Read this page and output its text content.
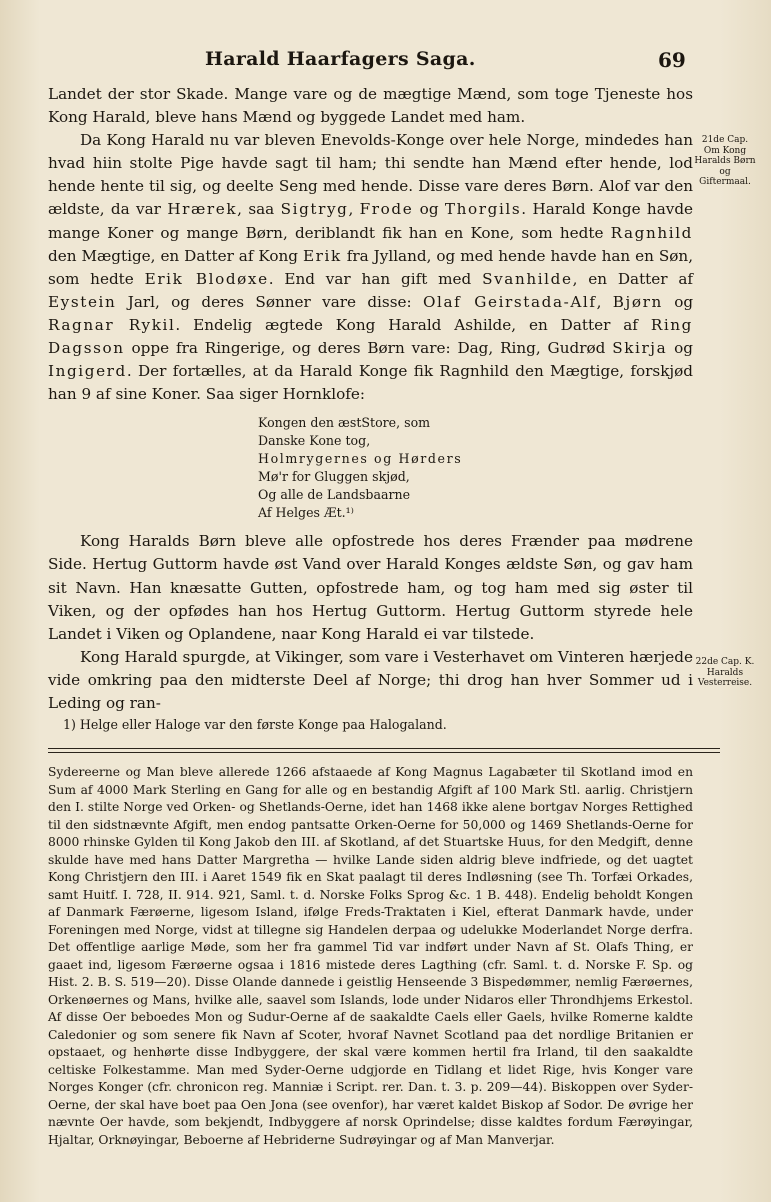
Harald Haarfagers Saga.	69
21de Cap. Om Kong Haralds Børn og Giftermaal.
22de Cap. K. Haralds Vesterreise.

Landet der stor Skade. Mange vare og de mægtige Mænd, som toge Tjeneste hos Kong Harald, bleve hans Mænd og byggede Landet med ham.

Da Kong Harald nu var bleven Enevolds-Konge over hele Norge, mindedes han hvad hiin stolte Pige havde sagt til ham; thi sendte han Mænd efter hende, lod hende hente til sig, og deelte Seng med hende. Disse vare deres Børn. Alof var den ældste, da var Hrærek, saa Sigtryg, Frode og Thorgils. Harald Konge havde mange Koner og mange Børn, deriblandt fik han en Kone, som hedte Ragnhild den Mægtige, en Datter af Kong Erik fra Jylland, og med hende havde han en Søn, som hedte Erik Blodøxe. End var han gift med Svanhilde, en Datter af Eystein Jarl, og deres Sønner vare disse: Olaf Geirstada-Alf, Bjørn og Ragnar Rykil. Endelig ægtede Kong Harald Ashilde, en Datter af Ring Dagsson oppe fra Ringerige, og deres Børn vare: Dag, Ring, Gudrød Skirja og Ingigerd. Der fortælles, at da Harald Konge fik Ragnhild den Mægtige, forskjød han 9 af sine Koner. Saa siger Hornklofe:

Kongen den æstStore, som
Danske Kone tog,
Holmrygernes og Hørders
Mø'r for Gluggen skjød,
Og alle de Landsbaarne
Af Helges Æt.¹⁾

Kong Haralds Børn bleve alle opfostrede hos deres Frænder paa mødrene Side. Hertug Guttorm havde øst Vand over Harald Konges ældste Søn, og gav ham sit Navn. Han knæsatte Gutten, opfostrede ham, og tog ham med sig øster til Viken, og der opfødes han hos Hertug Guttorm. Hertug Guttorm styrede hele Landet i Viken og Oplandene, naar Kong Harald ei var tilstede.

Kong Harald spurgde, at Vikinger, som vare i Vesterhavet om Vinteren hærjede vide omkring paa den midterste Deel af Norge; thi drog han hver Sommer ud i Leding og ran-

1) Helge eller Haloge var den første Konge paa Halogaland.
Sydereerne og Man bleve allerede 1266 afstaaede af Kong Magnus Lagabæter til Skotland imod en Sum af 4000 Mark Sterling en Gang for alle og en bestandig Afgift af 100 Mark Stl. aarlig. Christjern den I. stilte Norge ved Orken- og Shetlands-Oerne, idet han 1468 ikke alene bortgav Norges Rettighed til den sidstnævnte Afgift, men endog pantsatte Orken-Oerne for 50,000 og 1469 Shetlands-Oerne for 8000 rhinske Gylden til Kong Jakob den III. af Skotland, af det Stuartske Huus, for den Medgift, denne skulde have med hans Datter Margretha — hvilke Lande siden aldrig bleve indfriede, og det uagtet Kong Christjern den III. i Aaret 1549 fik en Skat paalagt til deres Indløsning (see Th. Torfæi Orkades, samt Huitf. I. 728, II. 914. 921, Saml. t. d. Norske Folks Sprog &c. 1 B. 448). Endelig beholdt Kongen af Danmark Færøerne, ligesom Island, ifølge Freds-Traktaten i Kiel, efterat Danmark havde, under Foreningen med Norge, vidst at tillegne sig Handelen derpaa og udelukke Moderlandet Norge derfra. Det offentlige aarlige Møde, som her fra gammel Tid var indført under Navn af St. Olafs Thing, er gaaet ind, ligesom Færøerne ogsaa i 1816 mistede deres Lagthing (cfr. Saml. t. d. Norske F. Sp. og Hist. 2. B. S. 519—20). Disse Olande dannede i geistlig Henseende 3 Bispedømmer, nemlig Færøernes, Orkenøernes og Mans, hvilke alle, saavel som Islands, lode under Nidaros eller Throndhjems Erkestol. Af disse Oer beboedes Mon og Sudur-Oerne af de saakaldte Caels eller Gaels, hvilke Romerne kaldte Caledonier og som senere fik Navn af Scoter, hvoraf Navnet Scotland paa det nordlige Britanien er opstaaet, og henhørte disse Indbyggere, der skal være kommen hertil fra Irland, til den saakaldte celtiske Folkestamme. Man med Syder-Oerne udgjorde en Tidlang et lidet Rige, hvis Konger vare Norges Konger (cfr. chronicon reg. Manniæ i Script. rer. Dan. t. 3. p. 209—44). Biskoppen over Syder-Oerne, der skal have boet paa Oen Jona (see ovenfor), har været kaldet Biskop af Sodor. De øvrige her nævnte Oer havde, som bekjendt, Indbyggere af norsk Oprindelse; disse kaldtes fordum Færøyingar, Hjaltar, Orknøyingar, Beboerne af Hebriderne Sudrøyingar og af Man Manverjar.
